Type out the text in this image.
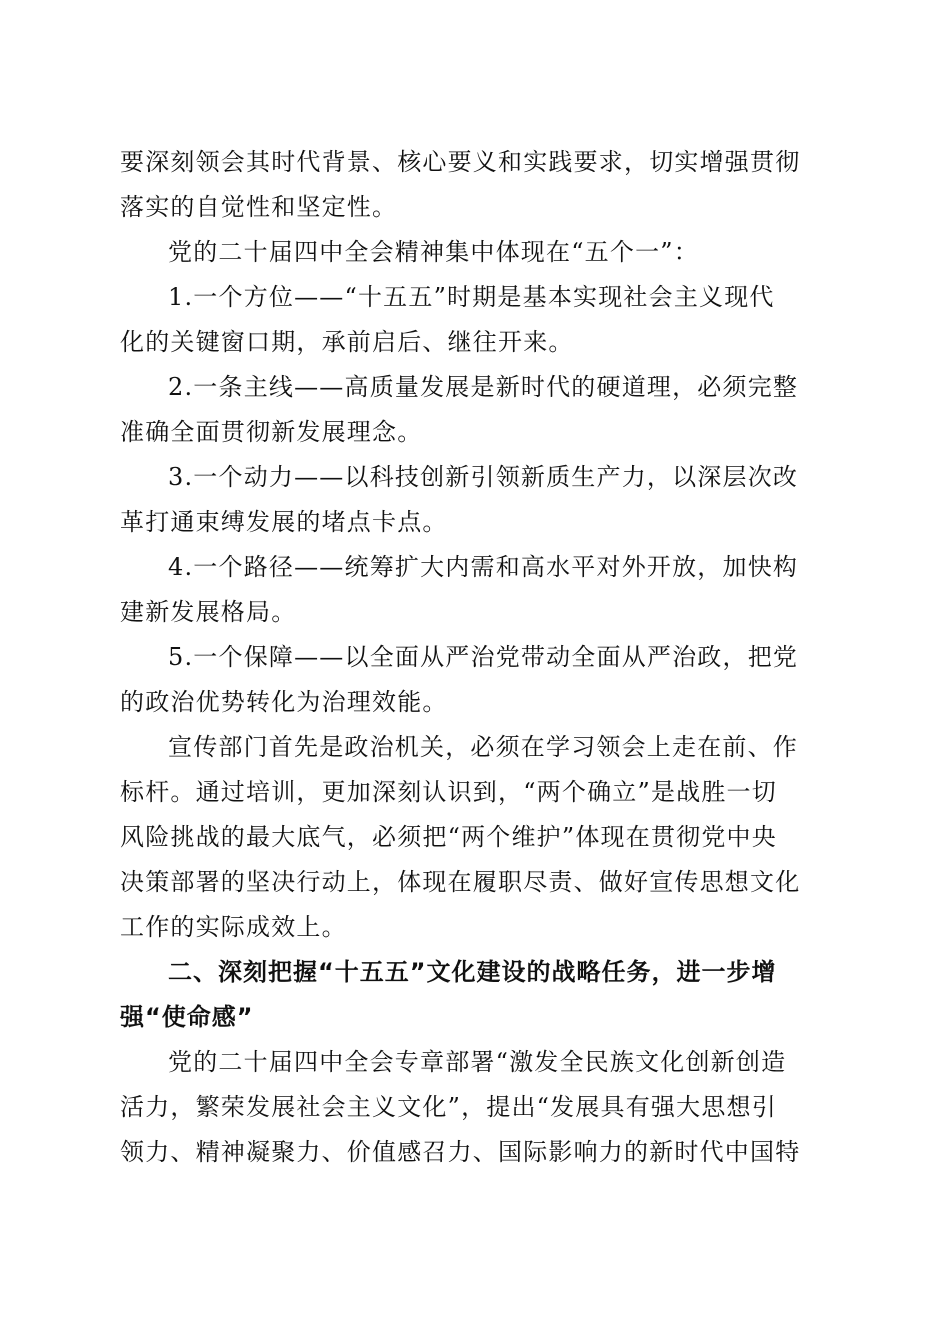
要深刻领会其时代背景、核心要义和实践要求，切实增强贯彻
落实的自觉性和坚定性。
党的二十届四中全会精神集中体现在“五个一”：
1.一个方位——“十五五”时期是基本实现社会主义现代
化的关键窗口期，承前启后、继往开来。
2.一条主线——高质量发展是新时代的硬道理，必须完整
准确全面贯彻新发展理念。
3.一个动力——以科技创新引领新质生产力，以深层次改
革打通束缚发展的堵点卡点。
4.一个路径——统筹扩大内需和高水平对外开放，加快构
建新发展格局。
5.一个保障——以全面从严治党带动全面从严治政，把党
的政治优势转化为治理效能。
宣传部门首先是政治机关，必须在学习领会上走在前、作
标杆。通过培训，更加深刻认识到，“两个确立”是战胜一切
风险挑战的最大底气，必须把“两个维护”体现在贯彻党中央
决策部署的坚决行动上，体现在履职尽责、做好宣传思想文化
工作的实际成效上。
二、深刻把握“十五五”文化建设的战略任务，进一步增
强“使命感”
党的二十届四中全会专章部署“激发全民族文化创新创造
活力，繁荣发展社会主义文化”，提出“发展具有强大思想引
领力、精神凝聚力、价值感召力、国际影响力的新时代中国特
